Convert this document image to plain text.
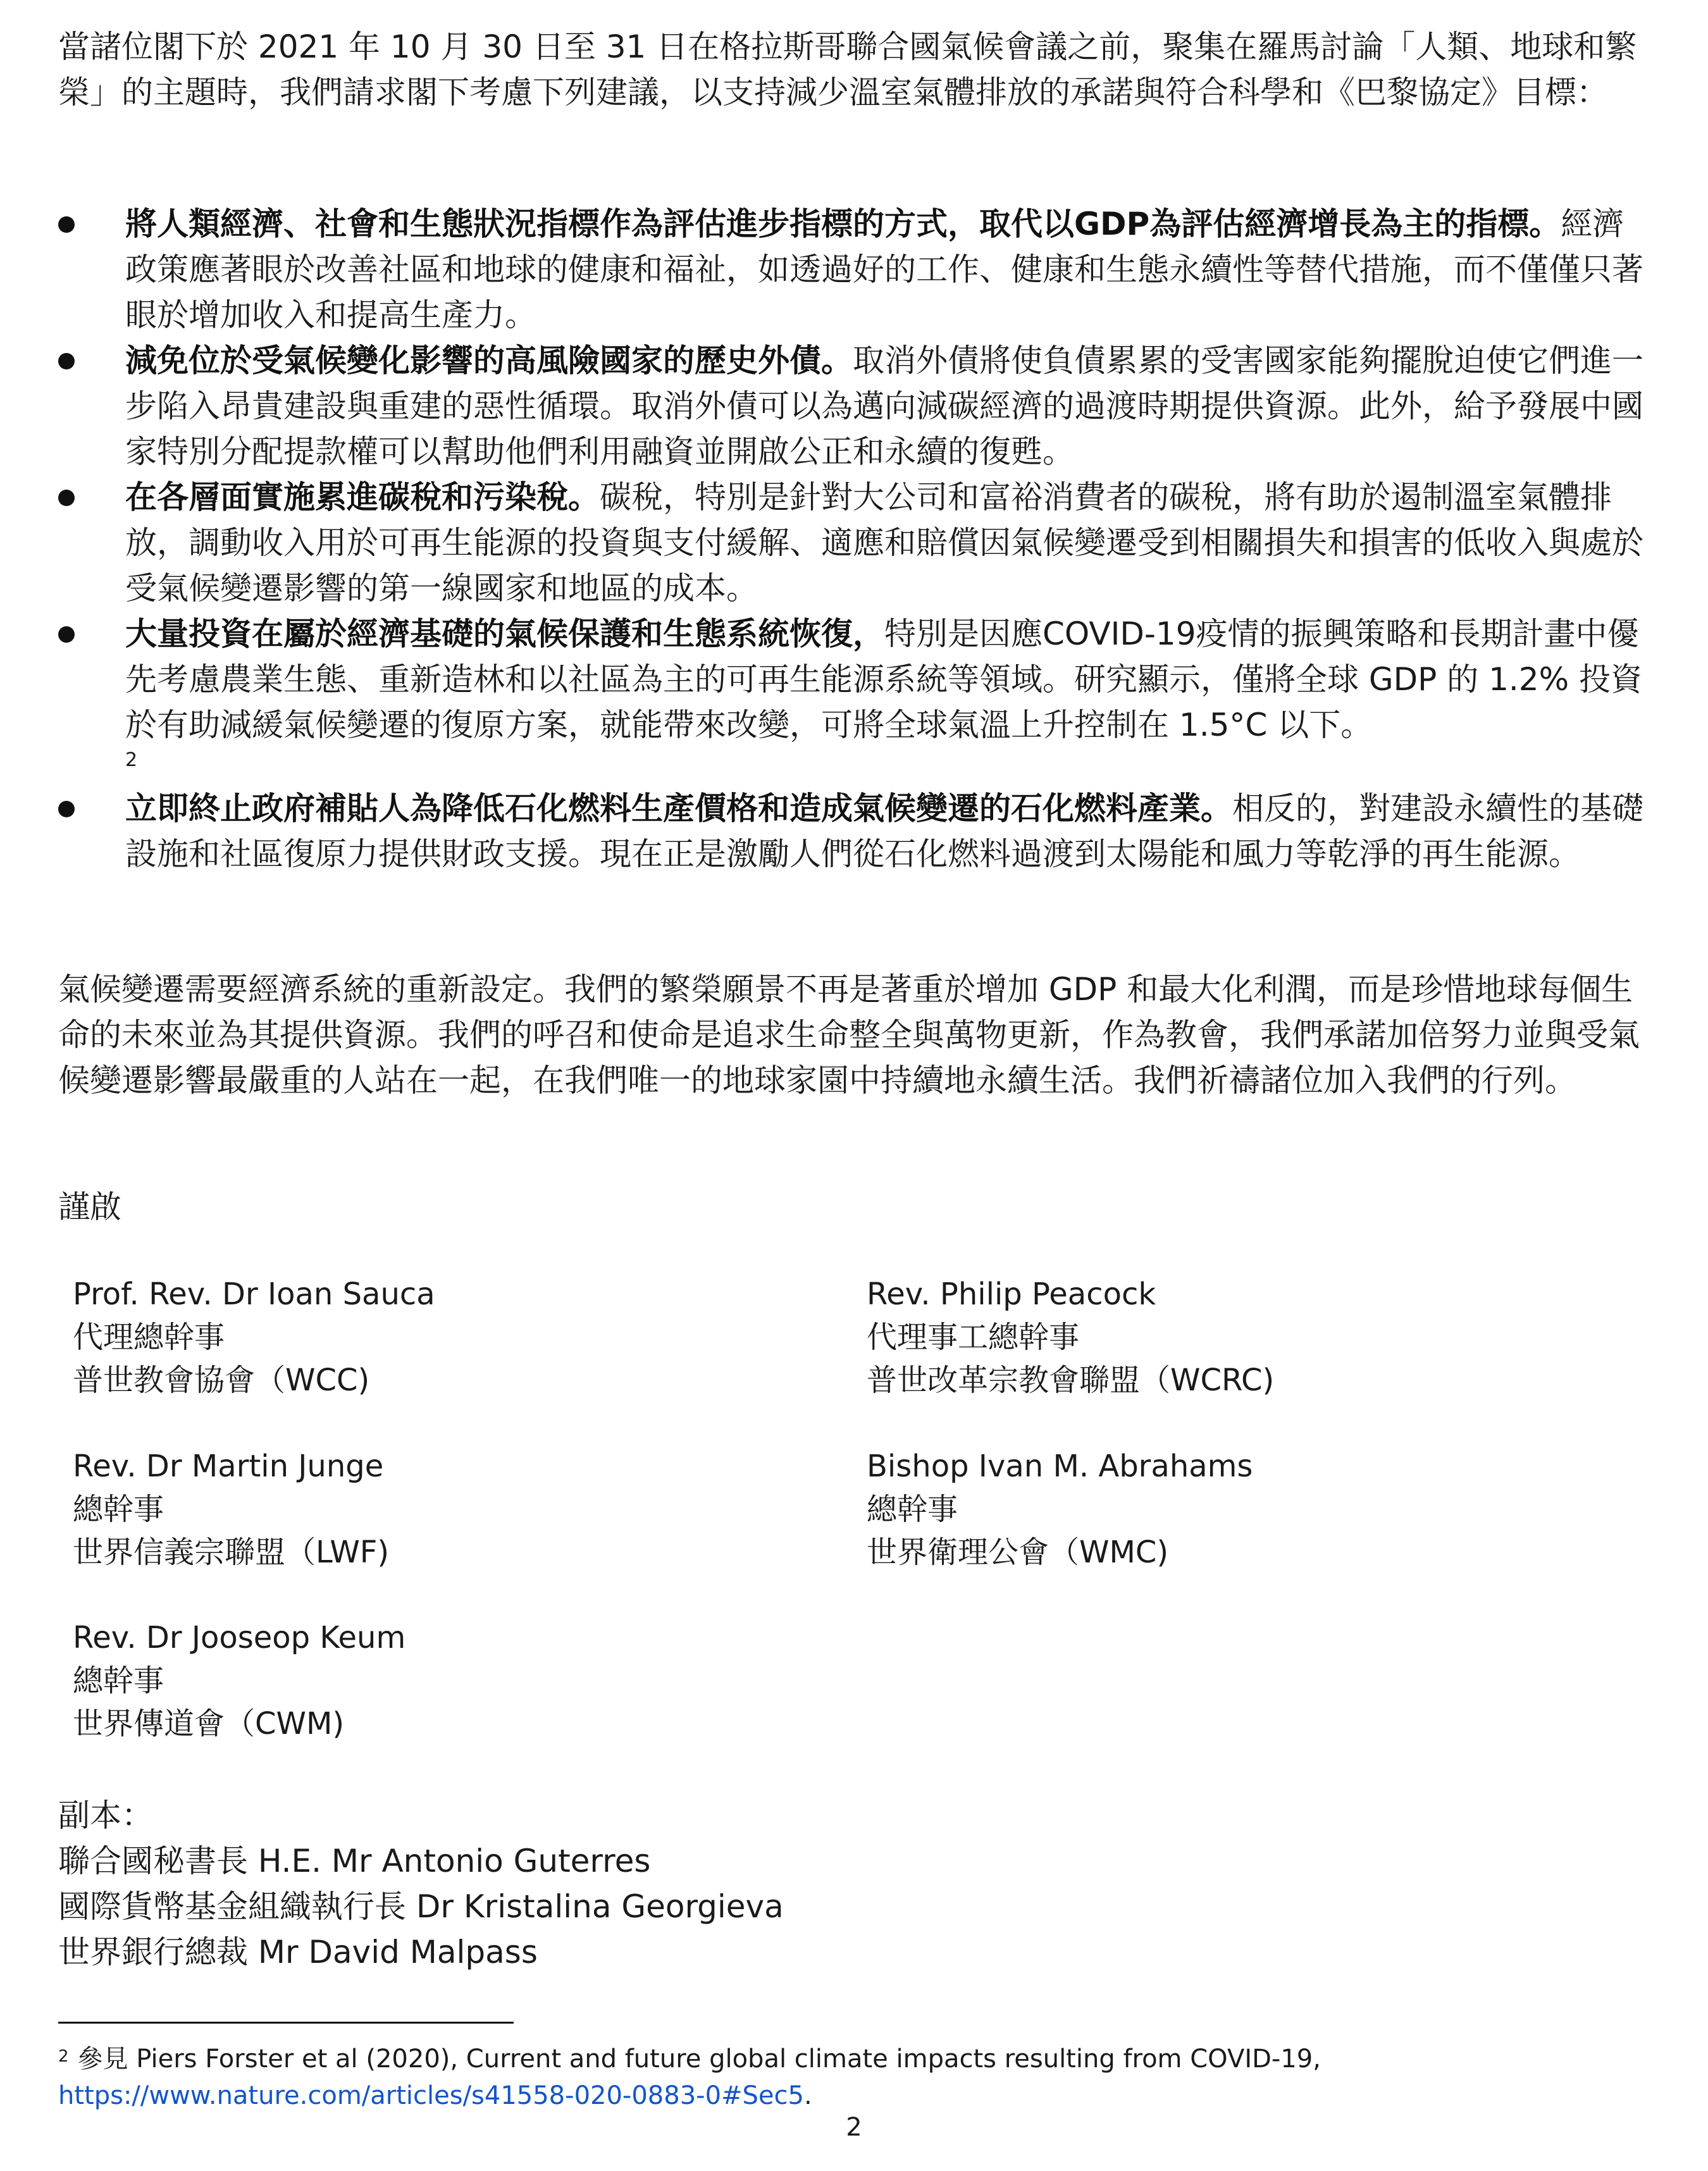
當諸位閣下於 2021 年 10 月 30 日至 31 日在格拉斯哥聯合國氣候會議之前，聚集在羅馬討論「人類、地球和繁榮」的主題時，我們請求閣下考慮下列建議，以支持減少溫室氣體排放的承諾與符合科學和《巴黎協定》目標：

將人類經濟、社會和生態狀況指標作為評估進步指標的方式，取代以GDP為評估經濟增長為主的指標。經濟政策應著眼於改善社區和地球的健康和福祉，如透過好的工作、健康和生態永續性等替代措施，而不僅僅只著眼於增加收入和提高生產力。
減免位於受氣候變化影響的高風險國家的歷史外債。取消外債將使負債累累的受害國家能夠擺脫迫使它們進一步陷入昂貴建設與重建的惡性循環。取消外債可以為邁向減碳經濟的過渡時期提供資源。此外，給予發展中國家特別分配提款權可以幫助他們利用融資並開啟公正和永續的復甦。
在各層面實施累進碳稅和污染稅。碳稅，特別是針對大公司和富裕消費者的碳稅，將有助於遏制溫室氣體排放，調動收入用於可再生能源的投資與支付緩解、適應和賠償因氣候變遷受到相關損失和損害的低收入與處於受氣候變遷影響的第一線國家和地區的成本。
大量投資在屬於經濟基礎的氣候保護和生態系統恢復，特別是因應COVID-19疫情的振興策略和長期計畫中優先考慮農業生態、重新造林和以社區為主的可再生能源系統等領域。研究顯示，僅將全球 GDP 的 1.2% 投資於有助減緩氣候變遷的復原方案，就能帶來改變，可將全球氣溫上升控制在 1.5°C 以下。
2
立即終止政府補貼人為降低石化燃料生產價格和造成氣候變遷的石化燃料產業。相反的，對建設永續性的基礎設施和社區復原力提供財政支援。現在正是激勵人們從石化燃料過渡到太陽能和風力等乾淨的再生能源。

氣候變遷需要經濟系統的重新設定。我們的繁榮願景不再是著重於增加 GDP 和最大化利潤，而是珍惜地球每個生命的未來並為其提供資源。我們的呼召和使命是追求生命整全與萬物更新，作為教會，我們承諾加倍努力並與受氣候變遷影響最嚴重的人站在一起，在我們唯一的地球家園中持續地永續生活。我們祈禱諸位加入我們的行列。

謹啟
Prof. Rev. Dr Ioan Sauca
代理總幹事
普世教會協會（WCC)
Rev. Philip Peacock
代理事工總幹事
普世改革宗教會聯盟（WCRC)
Rev. Dr Martin Junge
總幹事
世界信義宗聯盟（LWF)
Bishop Ivan M. Abrahams
總幹事
世界衛理公會（WMC)
Rev. Dr Jooseop Keum
總幹事
世界傳道會（CWM)
副本：
聯合國秘書長 H.E. Mr Antonio Guterres
國際貨幣基金組織執行長 Dr Kristalina Georgieva
世界銀行總裁 Mr David Malpass
$^2$ 參見 Piers Forster et al (2020), Current and future global climate impacts resulting from COVID-19,
https://www.nature.com/articles/s41558-020-0883-0#Sec5.
2
